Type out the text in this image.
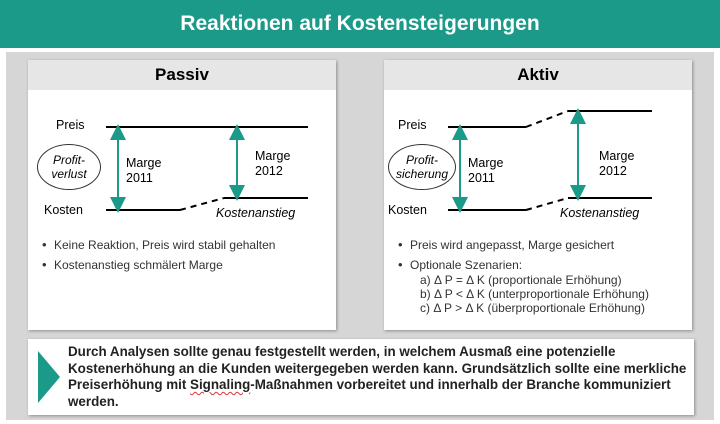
Reaktionen auf Kostensteigerungen
Passiv
Preis
Kosten
Profit-
verlust
Marge
2011
Marge
2012
Kostenanstieg
• Keine Reaktion, Preis wird stabil gehalten
• Kostenanstieg schmälert Marge
Aktiv
Preis
Kosten
Profit-
sicherung
Marge
2011
Marge
2012
Kostenanstieg
• Preis wird angepasst, Marge gesichert
• Optionale Szenarien:
a) Δ P = Δ K (proportionale Erhöhung)
b) Δ P < Δ K (unterproportionale Erhöhung)
c) Δ P > Δ K (überproportionale Erhöhung)
Durch Analysen sollte genau festgestellt werden, in welchem Ausmaß eine potenzielle Kostenerhöhung an die Kunden weitergegeben werden kann. Grundsätzlich sollte eine merkliche Preiserhöhung mit Signaling-Maßnahmen vorbereitet und innerhalb der Branche kommuniziert werden.
